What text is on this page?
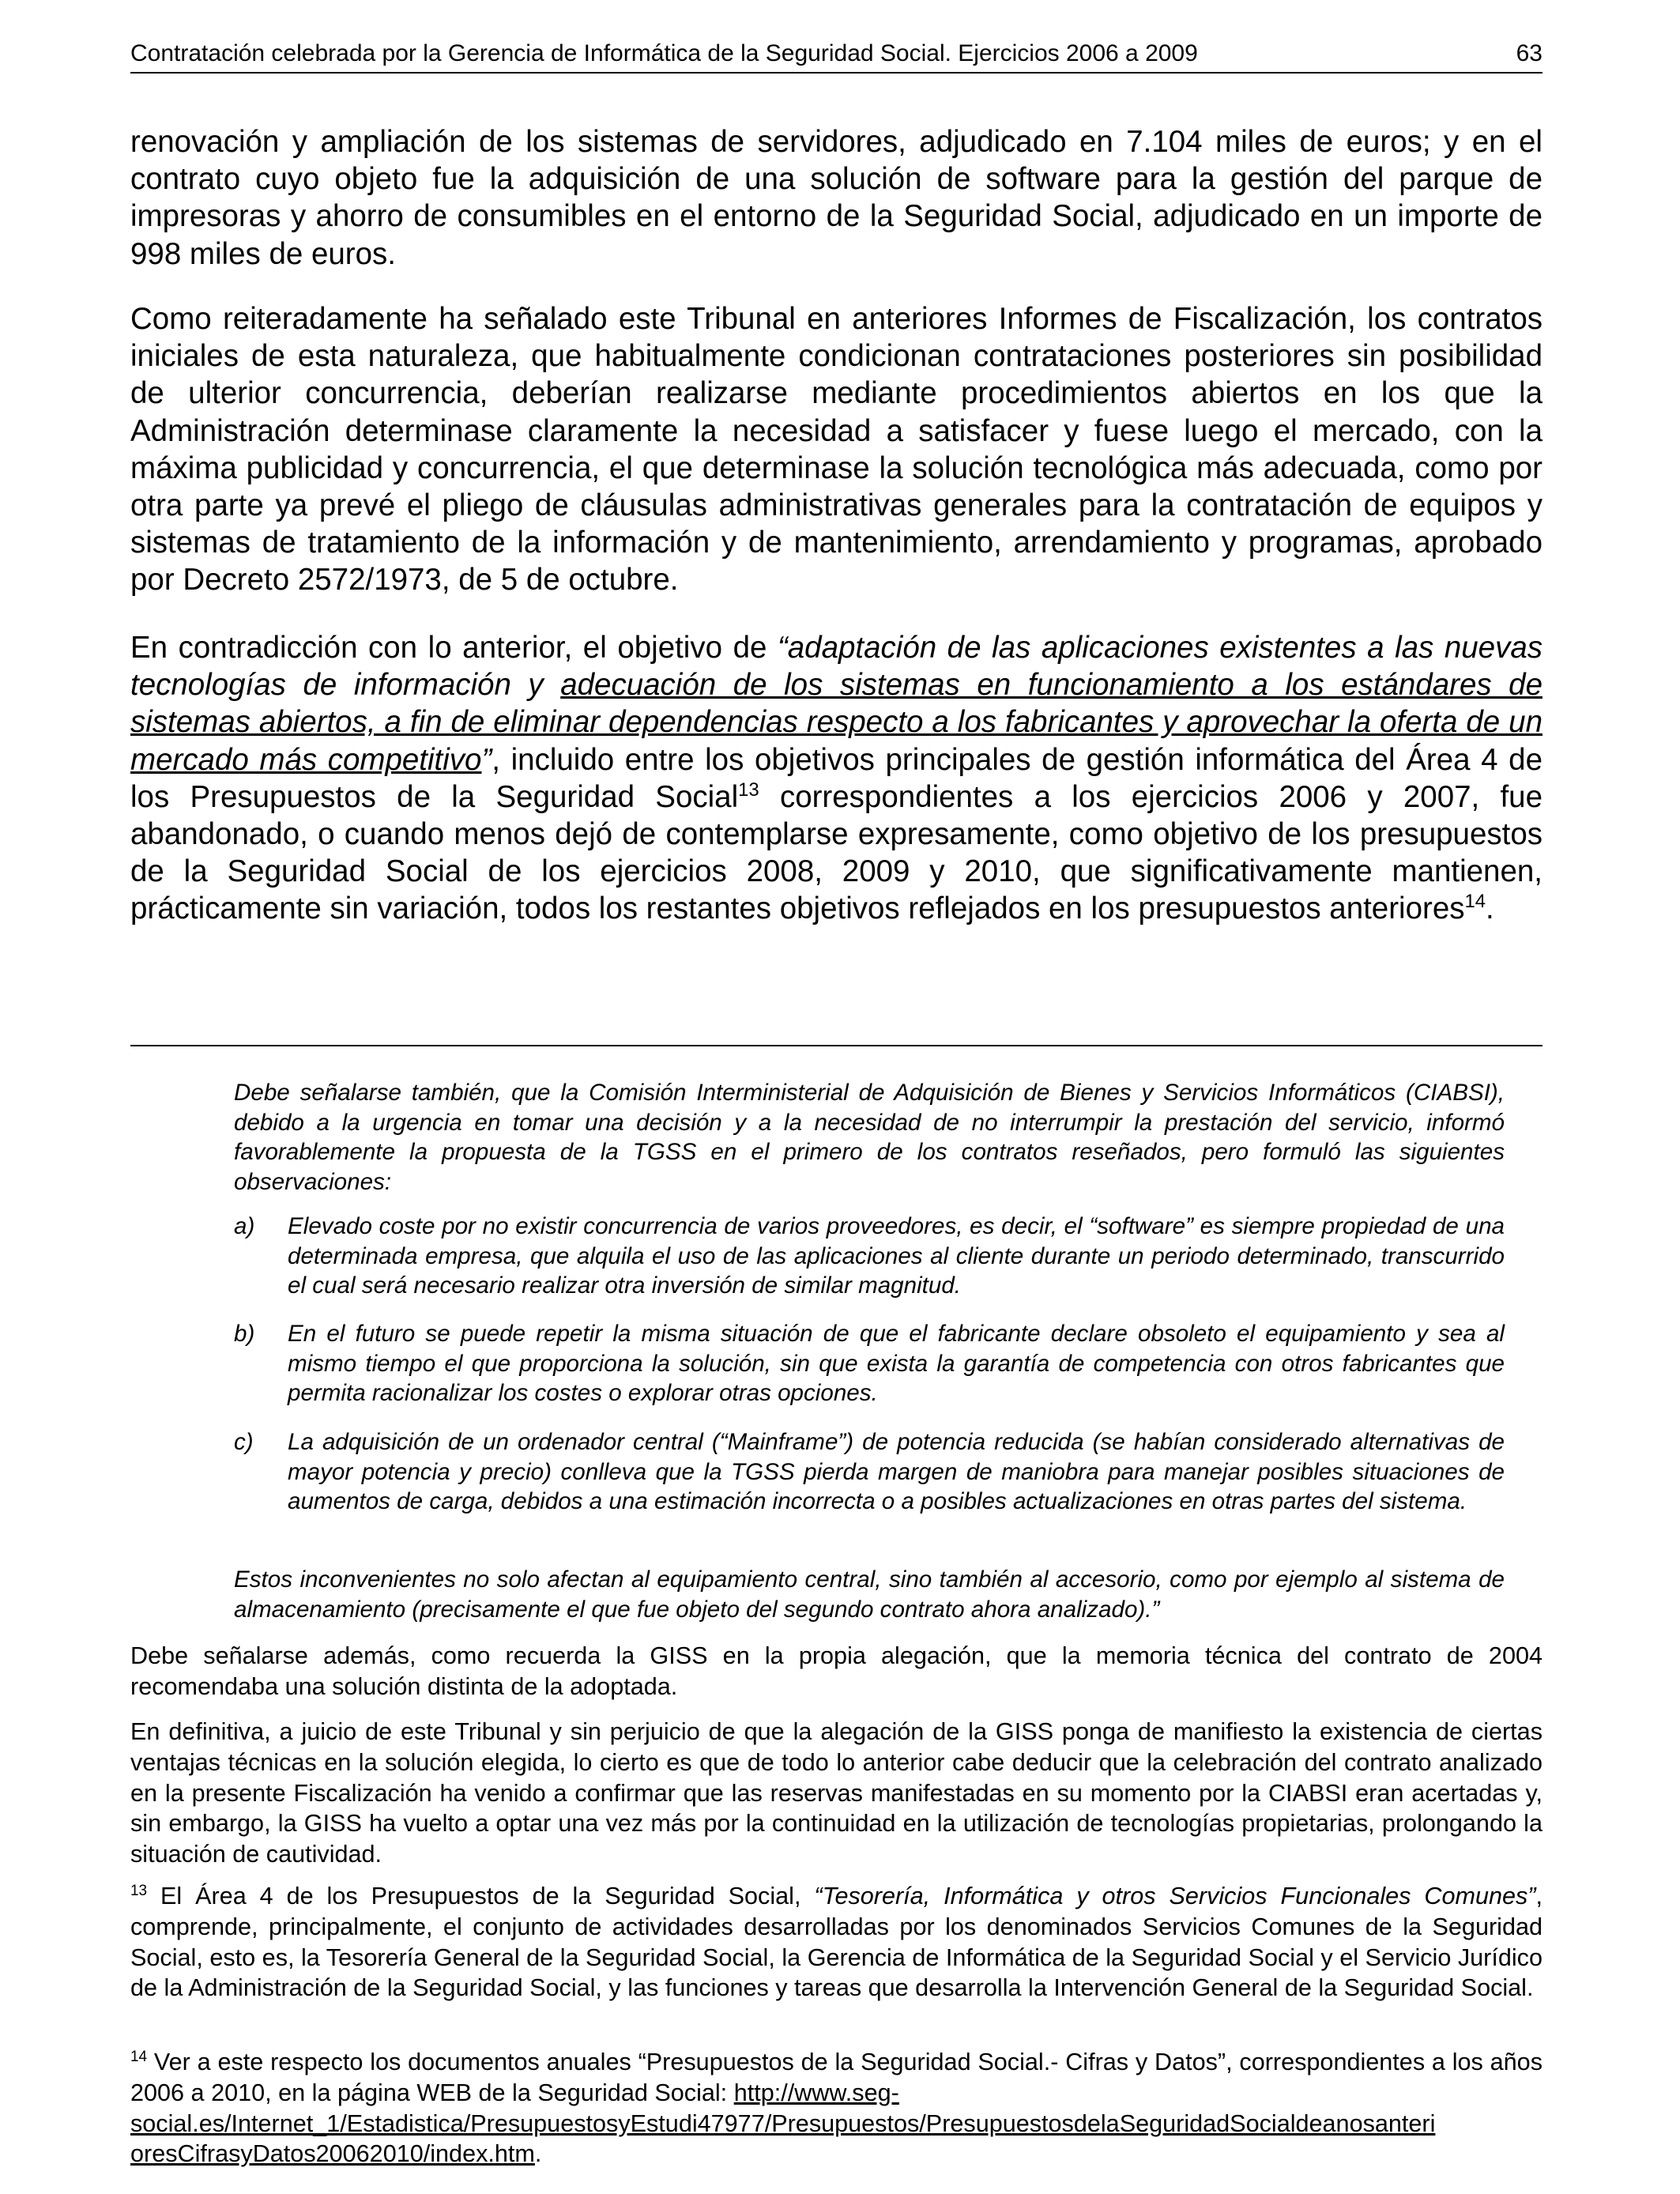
Contratación celebrada por la Gerencia de Informática de la Seguridad Social. Ejercicios 2006 a 2009	63

renovación y ampliación de los sistemas de servidores, adjudicado en 7.104 miles de euros; y en el contrato cuyo objeto fue la adquisición de una solución de software para la gestión del parque de impresoras y ahorro de consumibles en el entorno de la Seguridad Social, adjudicado en un importe de 998 miles de euros.

Como reiteradamente ha señalado este Tribunal en anteriores Informes de Fiscalización, los contratos iniciales de esta naturaleza, que habitualmente condicionan contrataciones posteriores sin posibilidad de ulterior concurrencia, deberían realizarse mediante procedimientos abiertos en los que la Administración determinase claramente la necesidad a satisfacer y fuese luego el mercado, con la máxima publicidad y concurrencia, el que determinase la solución tecnológica más adecuada, como por otra parte ya prevé el pliego de cláusulas administrativas generales para la contratación de equipos y sistemas de tratamiento de la información y de mantenimiento, arrendamiento y programas, aprobado por Decreto 2572/1973, de 5 de octubre.

En contradicción con lo anterior, el objetivo de “adaptación de las aplicaciones existentes a las nuevas tecnologías de información y adecuación de los sistemas en funcionamiento a los estándares de sistemas abiertos, a fin de eliminar dependencias respecto a los fabricantes y aprovechar la oferta de un mercado más competitivo”, incluido entre los objetivos principales de gestión informática del Área 4 de los Presupuestos de la Seguridad Social$^{13}$ correspondientes a los ejercicios 2006 y 2007, fue abandonado, o cuando menos dejó de contemplarse expresamente, como objetivo de los presupuestos de la Seguridad Social de los ejercicios 2008, 2009 y 2010, que significativamente mantienen, prácticamente sin variación, todos los restantes objetivos reflejados en los presupuestos anteriores$^{14}$.

Debe señalarse también, que la Comisión Interministerial de Adquisición de Bienes y Servicios Informáticos (CIABSI), debido a la urgencia en tomar una decisión y a la necesidad de no interrumpir la prestación del servicio, informó favorablemente la propuesta de la TGSS en el primero de los contratos reseñados, pero formuló las siguientes observaciones:

a) Elevado coste por no existir concurrencia de varios proveedores, es decir, el “software” es siempre propiedad de una determinada empresa, que alquila el uso de las aplicaciones al cliente durante un periodo determinado, transcurrido el cual será necesario realizar otra inversión de similar magnitud.

b) En el futuro se puede repetir la misma situación de que el fabricante declare obsoleto el equipamiento y sea al mismo tiempo el que proporciona la solución, sin que exista la garantía de competencia con otros fabricantes que permita racionalizar los costes o explorar otras opciones.

c) La adquisición de un ordenador central (“Mainframe”) de potencia reducida (se habían considerado alternativas de mayor potencia y precio) conlleva que la TGSS pierda margen de maniobra para manejar posibles situaciones de aumentos de carga, debidos a una estimación incorrecta o a posibles actualizaciones en otras partes del sistema.

Estos inconvenientes no solo afectan al equipamiento central, sino también al accesorio, como por ejemplo al sistema de almacenamiento (precisamente el que fue objeto del segundo contrato ahora analizado).”

Debe señalarse además, como recuerda la GISS en la propia alegación, que la memoria técnica del contrato de 2004 recomendaba una solución distinta de la adoptada.

En definitiva, a juicio de este Tribunal y sin perjuicio de que la alegación de la GISS ponga de manifiesto la existencia de ciertas ventajas técnicas en la solución elegida, lo cierto es que de todo lo anterior cabe deducir que la celebración del contrato analizado en la presente Fiscalización ha venido a confirmar que las reservas manifestadas en su momento por la CIABSI eran acertadas y, sin embargo, la GISS ha vuelto a optar una vez más por la continuidad en la utilización de tecnologías propietarias, prolongando la situación de cautividad.

$^{13}$ El Área 4 de los Presupuestos de la Seguridad Social, “Tesorería, Informática y otros Servicios Funcionales Comunes”, comprende, principalmente, el conjunto de actividades desarrolladas por los denominados Servicios Comunes de la Seguridad Social, esto es, la Tesorería General de la Seguridad Social, la Gerencia de Informática de la Seguridad Social y el Servicio Jurídico de la Administración de la Seguridad Social, y las funciones y tareas que desarrolla la Intervención General de la Seguridad Social.

$^{14}$ Ver a este respecto los documentos anuales “Presupuestos de la Seguridad Social.- Cifras y Datos”, correspondientes a los años 2006 a 2010, en la página WEB de la Seguridad Social: http://www.seg-

social.es/Internet_1/Estadistica/PresupuestosyEstudi47977/Presupuestos/PresupuestosdelaSeguridadSocialdeanosanteri

oresCifrasyDatos20062010/index.htm.
